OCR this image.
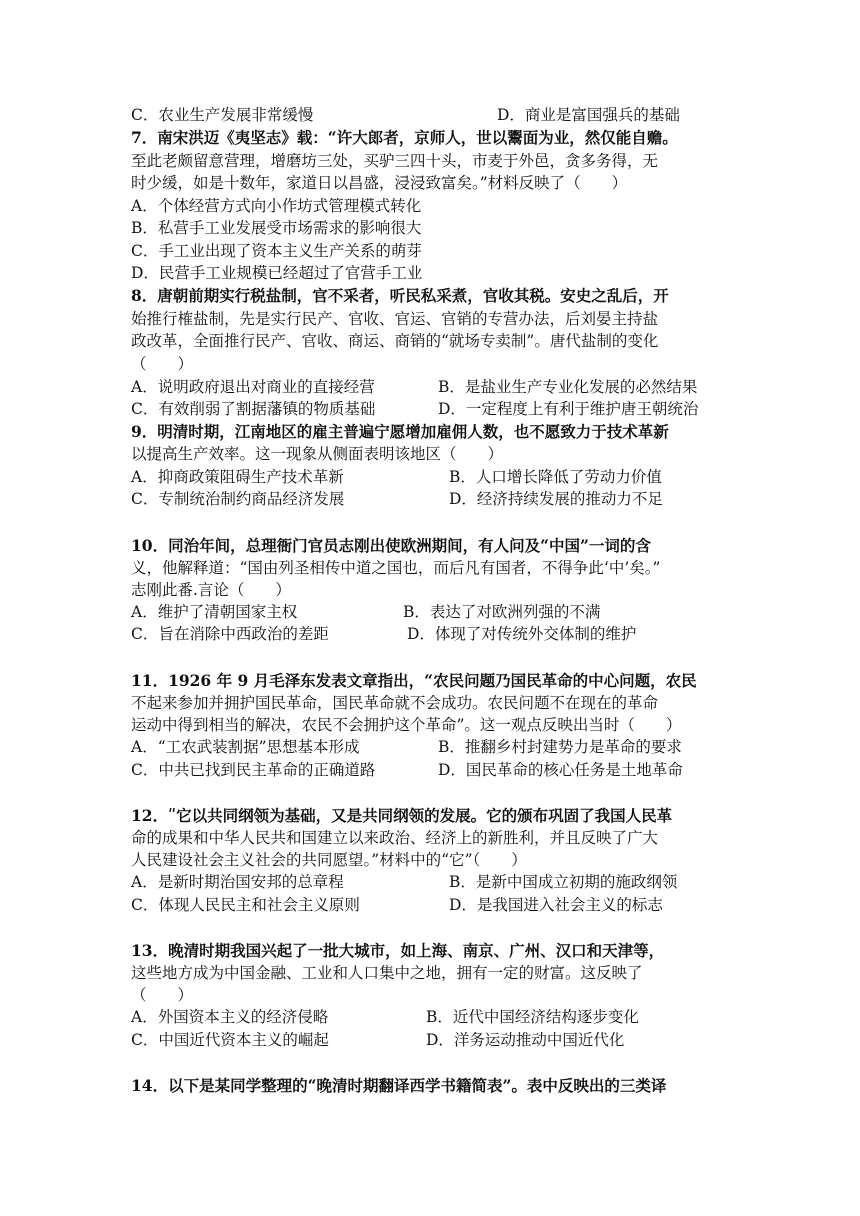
C．农业生产发展非常缓慢	D．商业是富国强兵的基础
7．南宋洪迈《夷坚志》载：“许大郎者，京师人，世以鬻面为业，然仅能自赡。
至此老颇留意营理，增磨坊三处，买驴三四十头，市麦于外邑，贪多务得，无
时少缓，如是十数年，家道日以昌盛，浸浸致富矣。”材料反映了（　　）
A．个体经营方式向小作坊式管理模式转化
B．私营手工业发展受市场需求的影响很大
C．手工业出现了资本主义生产关系的萌芽
D．民营手工业规模已经超过了官营手工业
8．唐朝前期实行税盐制，官不采者，听民私采煮，官收其税。安史之乱后，开
始推行榷盐制，先是实行民产、官收、官运、官销的专营办法，后刘晏主持盐
政改革，全面推行民产、官收、商运、商销的“就场专卖制”。唐代盐制的变化
（　　）
A．说明政府退出对商业的直接经营	B．是盐业生产专业化发展的必然结果
C．有效削弱了割据藩镇的物质基础	D．一定程度上有利于维护唐王朝统治
9．明清时期，江南地区的雇主普遍宁愿增加雇佣人数，也不愿致力于技术革新
以提高生产效率。这一现象从侧面表明该地区（　　）
A．抑商政策阻碍生产技术革新	B．人口增长降低了劳动力价值
C．专制统治制约商品经济发展	D．经济持续发展的推动力不足
10．同治年间，总理衙门官员志刚出使欧洲期间，有人问及“中国”一词的含
义，他解释道：“国由列圣相传中道之国也，而后凡有国者，不得争此‘中’矣。”
志刚此番.言论（　　）
A．维护了清朝国家主权	B．表达了对欧洲列强的不满
C．旨在消除中西政治的差距	D．体现了对传统外交体制的维护
11．1926 年 9 月毛泽东发表文章指出，“农民问题乃国民革命的中心问题，农民
不起来参加并拥护国民革命，国民革命就不会成功。农民问题不在现在的革命
运动中得到相当的解决，农民不会拥护这个革命”。这一观点反映出当时（　　）
A．“工农武装割据”思想基本形成	B．推翻乡村封建势力是革命的要求
C．中共已找到民主革命的正确道路	D．国民革命的核心任务是土地革命
12．ʺ它以共同纲领为基础，又是共同纲领的发展。它的颁布巩固了我国人民革
命的成果和中华人民共和国建立以来政治、经济上的新胜利，并且反映了广大
人民建设社会主义社会的共同愿望。”材料中的“它”（　　）
A．是新时期治国安邦的总章程	B．是新中国成立初期的施政纲领
C．体现人民民主和社会主义原则	D．是我国进入社会主义的标志
13．晚清时期我国兴起了一批大城市，如上海、南京、广州、汉口和天津等，
这些地方成为中国金融、工业和人口集中之地，拥有一定的财富。这反映了
（　　）
A．外国资本主义的经济侵略	B．近代中国经济结构逐步变化
C．中国近代资本主义的崛起	D．洋务运动推动中国近代化
14．以下是某同学整理的“晚清时期翻译西学书籍简表”。表中反映出的三类译
